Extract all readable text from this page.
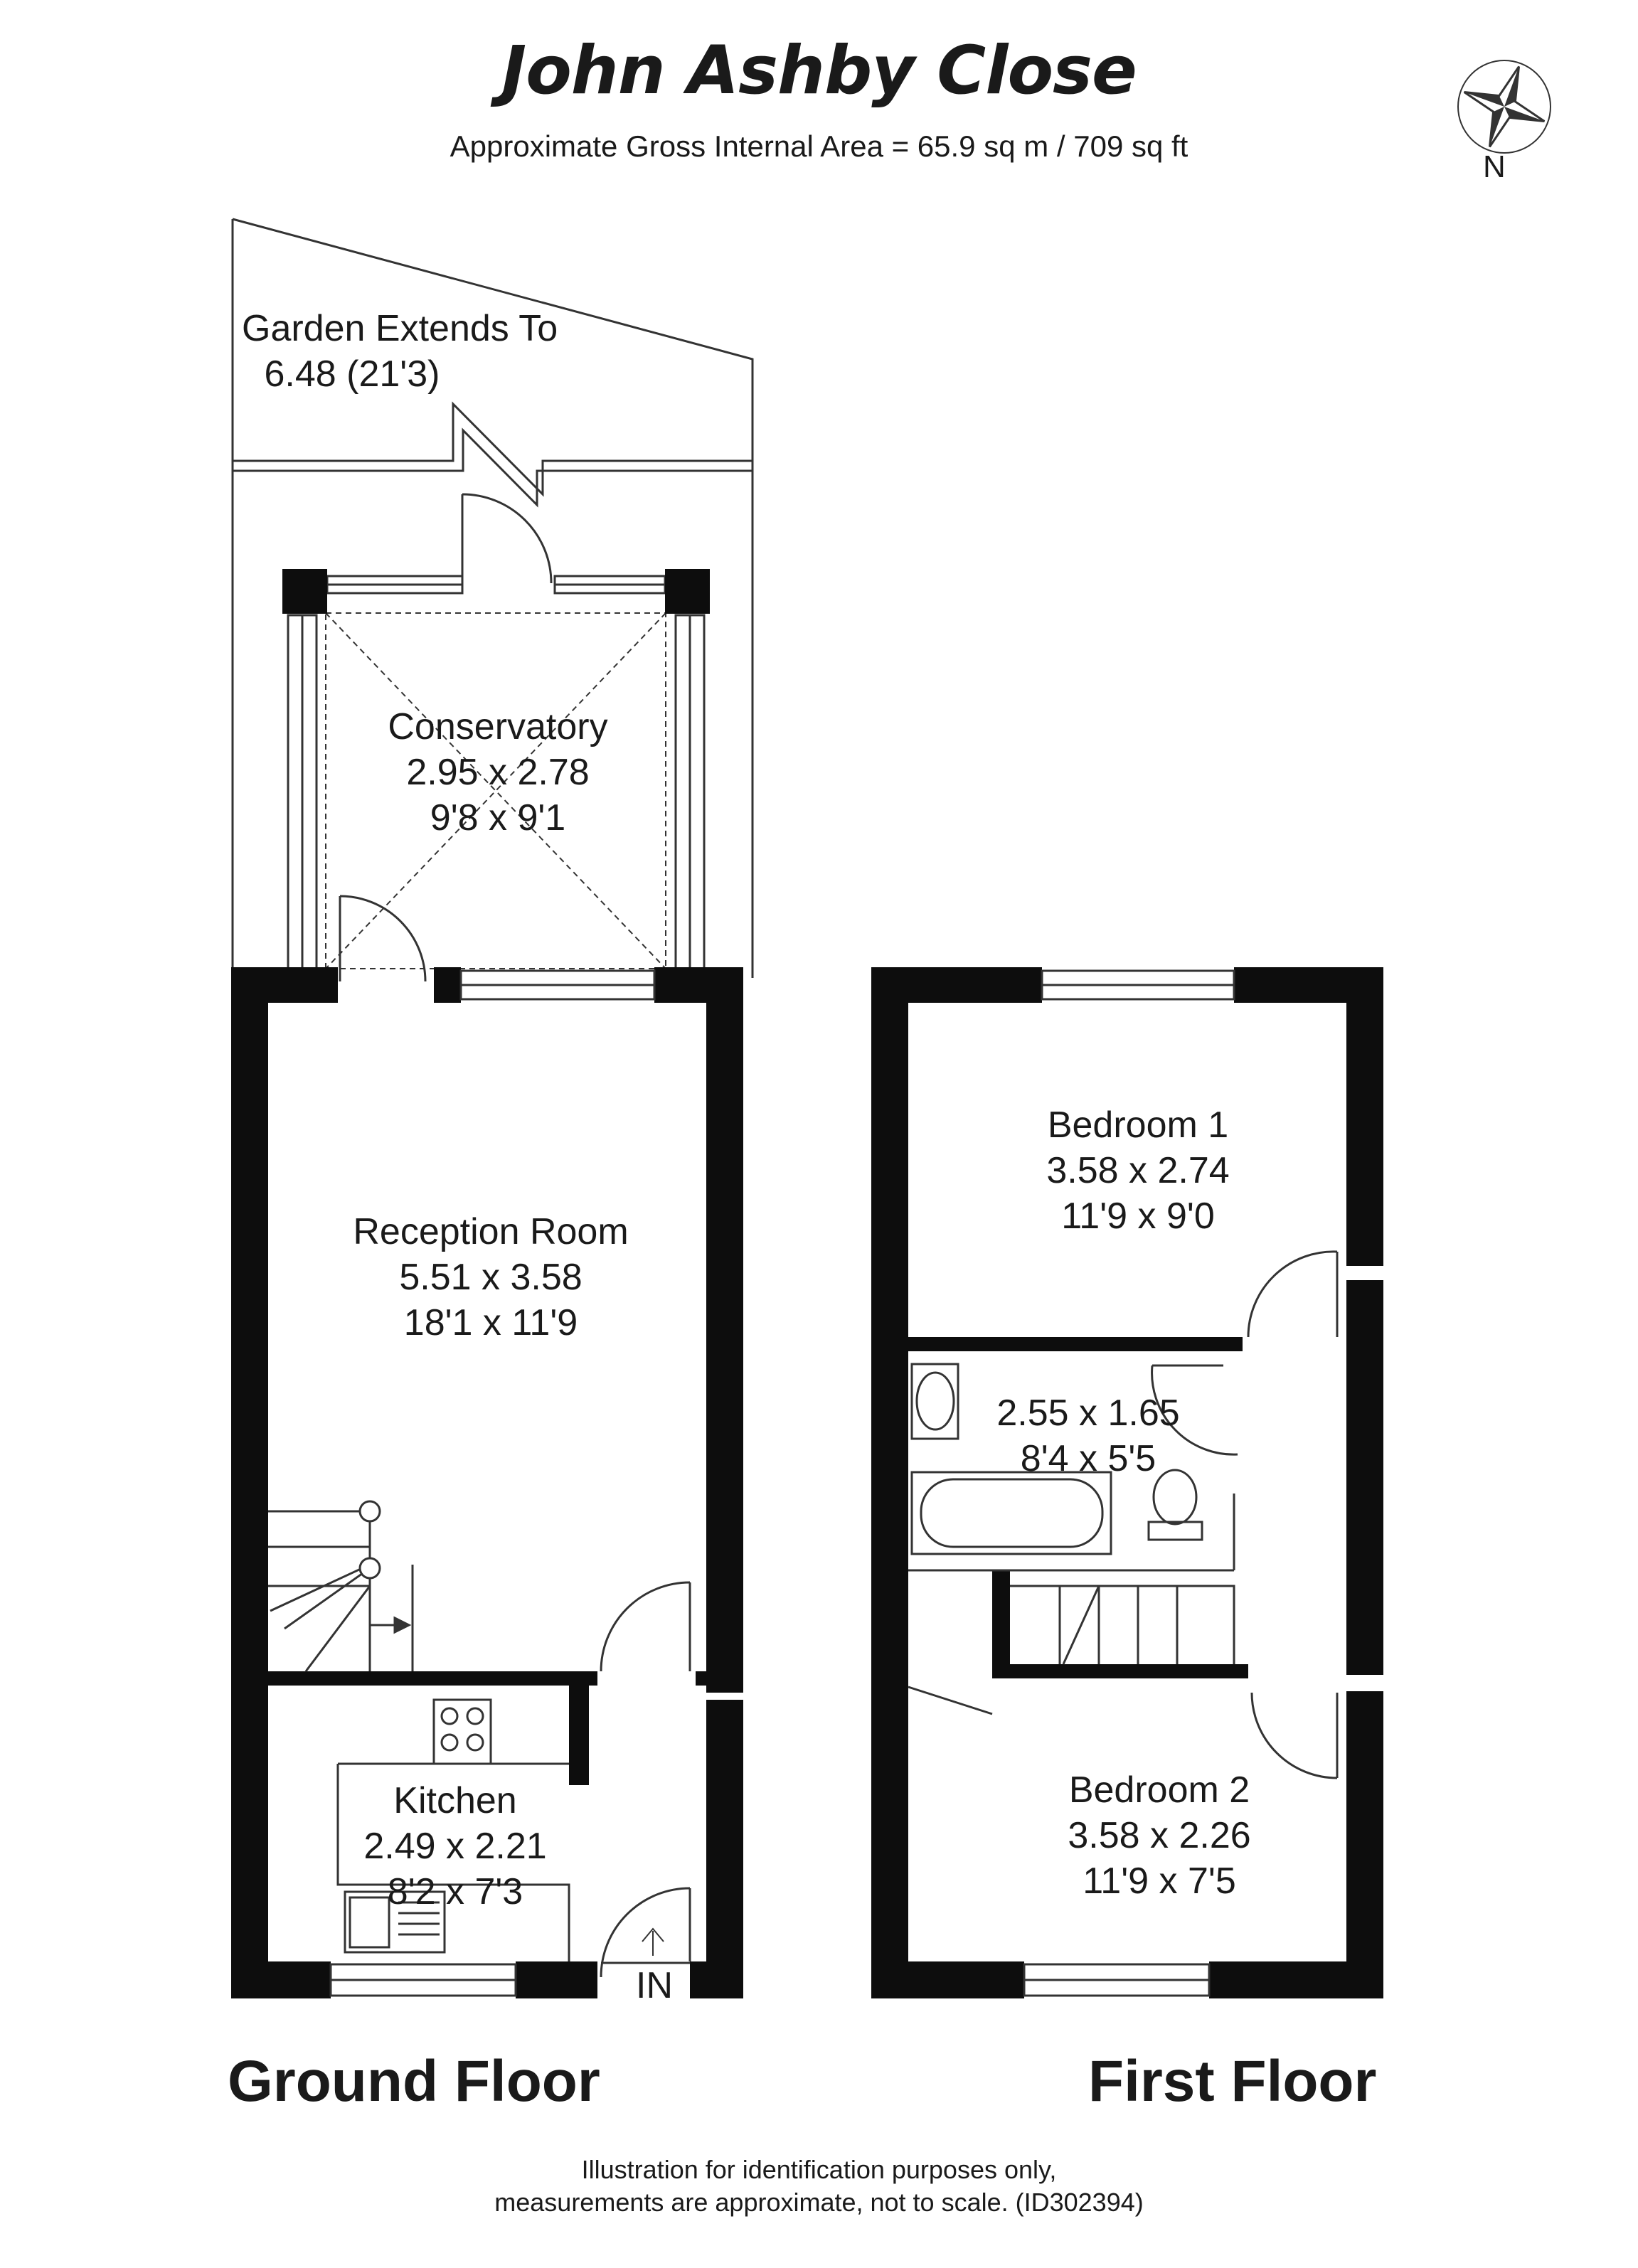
John Ashby Close
Approximate Gross Internal Area = 65.9 sq m / 709 sq ft
N
Garden Extends To
6.48 (21'3)
Conservatory
2.95 x 2.78
9'8 x 9'1
Reception Room
5.51 x 3.58
18'1 x 11'9
Kitchen
2.49 x 2.21
8'2 x 7'3
Bedroom 1
3.58 x 2.74
11'9 x 9'0
2.55 x 1.65
8'4 x 5'5
Bedroom 2
3.58 x 2.26
11'9 x 7'5
IN
Ground Floor	First Floor
Illustration for identification purposes only,
measurements are approximate, not to scale. (ID302394)
